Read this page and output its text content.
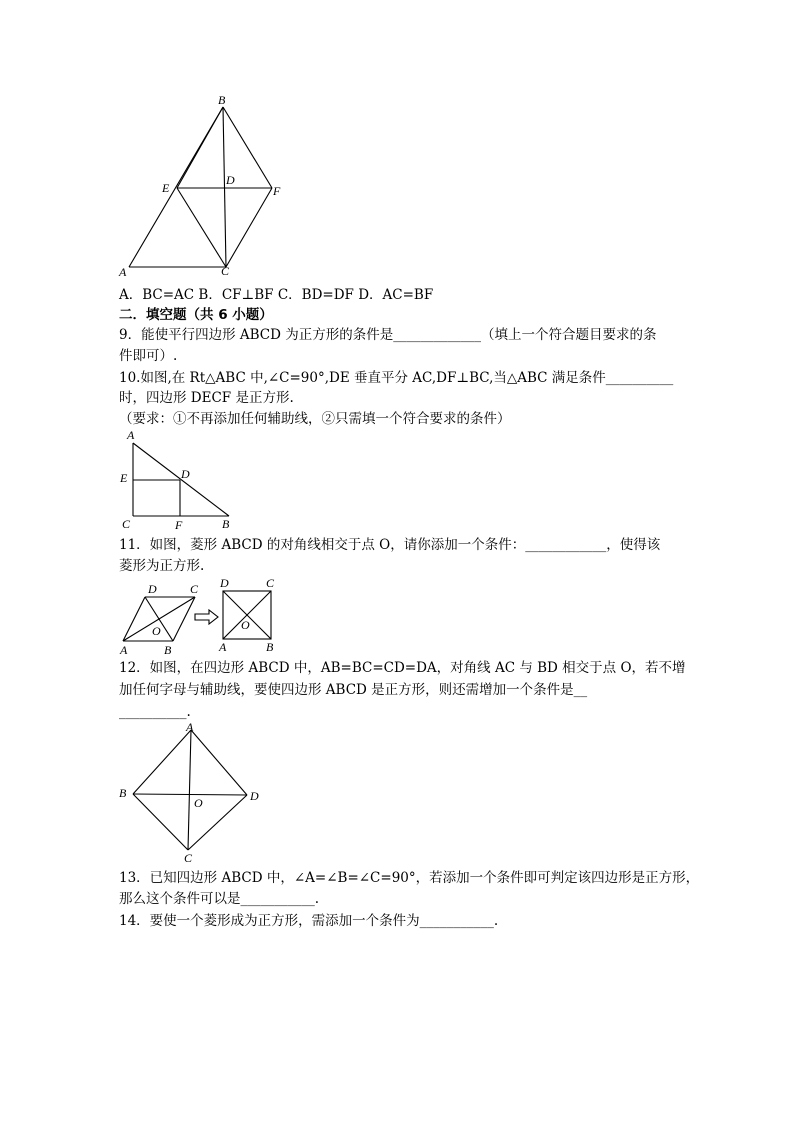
B
E
D
F
A	C
A．BC=AC B．CF⊥BF C．BD=DF D．AC=BF
二．填空题（共 6 小题）
9．能使平行四边形 ABCD 为正方形的条件是_____________（填上一个符合题目要求的条
件即可）.
10.如图,在 Rt△ABC 中,∠C=90°,DE 垂直平分 AC,DF⊥BC,当△ABC 满足条件__________
时，四边形 DECF 是正方形.
（要求：①不再添加任何辅助线，②只需填一个符合要求的条件）
A
E	D
C	F	B
11．如图，菱形 ABCD 的对角线相交于点 O，请你添加一个条件：____________，使得该
菱形为正方形.
D	C
O
A	B
D	C
O
A	B
12．如图，在四边形 ABCD 中，AB=BC=CD=DA，对角线 AC 与 BD 相交于点 O，若不增
加任何字母与辅助线，要使四边形 ABCD 是正方形，则还需增加一个条件是__
__________.
A
B
O	D
C
13．已知四边形 ABCD 中，∠A=∠B=∠C=90°，若添加一个条件即可判定该四边形是正方形，
那么这个条件可以是___________.
14．要使一个菱形成为正方形，需添加一个条件为___________.
